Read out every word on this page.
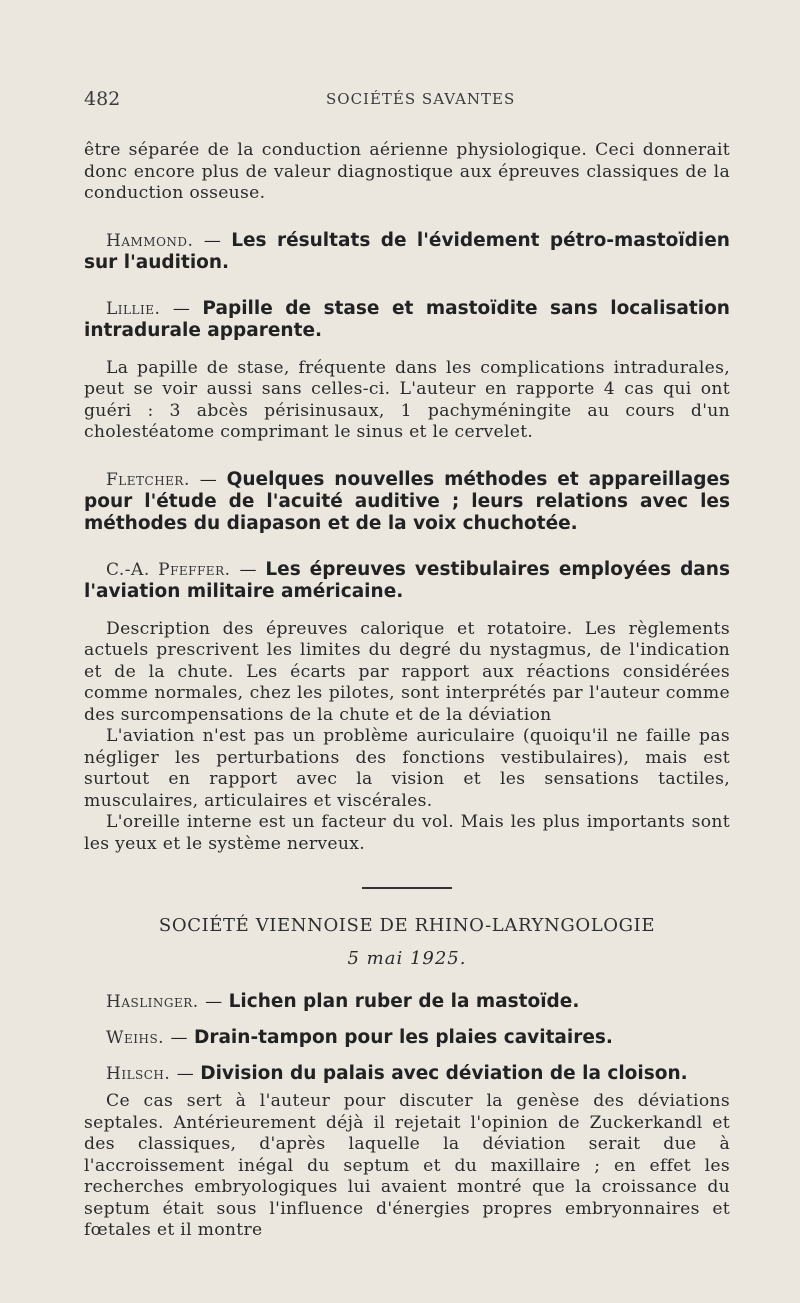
482	SOCIÉTÉS SAVANTES

être séparée de la conduction aérienne physiologique. Ceci donnerait donc encore plus de valeur diagnostique aux épreuves classiques de la conduction osseuse.

Hammond. — Les résultats de l'évidement pétro-mastoïdien sur l'audition.
Lillie. — Papille de stase et mastoïdite sans localisation intradurale apparente.

La papille de stase, fréquente dans les complications intradurales, peut se voir aussi sans celles-ci. L'auteur en rapporte 4 cas qui ont guéri : 3 abcès périsinusaux, 1 pachyméningite au cours d'un cholestéatome comprimant le sinus et le cervelet.

Fletcher. — Quelques nouvelles méthodes et appareillages pour l'étude de l'acuité auditive ; leurs relations avec les méthodes du diapason et de la voix chuchotée.
C.-A. Pfeffer. — Les épreuves vestibulaires employées dans l'aviation militaire américaine.

Description des épreuves calorique et rotatoire. Les règlements actuels prescrivent les limites du degré du nystagmus, de l'indication et de la chute. Les écarts par rapport aux réactions considérées comme normales, chez les pilotes, sont interprétés par l'auteur comme des surcompensations de la chute et de la déviation

L'aviation n'est pas un problème auriculaire (quoiqu'il ne faille pas négliger les perturbations des fonctions vestibulaires), mais est surtout en rapport avec la vision et les sensations tactiles, musculaires, articulaires et viscérales.

L'oreille interne est un facteur du vol. Mais les plus importants sont les yeux et le système nerveux.

SOCIÉTÉ VIENNOISE DE RHINO-LARYNGOLOGIE
5 mai 1925.
Haslinger. — Lichen plan ruber de la mastoïde.
Weihs. — Drain-tampon pour les plaies cavitaires.
Hilsch. — Division du palais avec déviation de la cloison.

Ce cas sert à l'auteur pour discuter la genèse des déviations septales. Antérieurement déjà il rejetait l'opinion de Zuckerkandl et des classiques, d'après laquelle la déviation serait due à l'accroissement inégal du septum et du maxillaire ; en effet les recherches embryologiques lui avaient montré que la croissance du septum était sous l'influence d'énergies propres embryonnaires et fœtales et il montre
